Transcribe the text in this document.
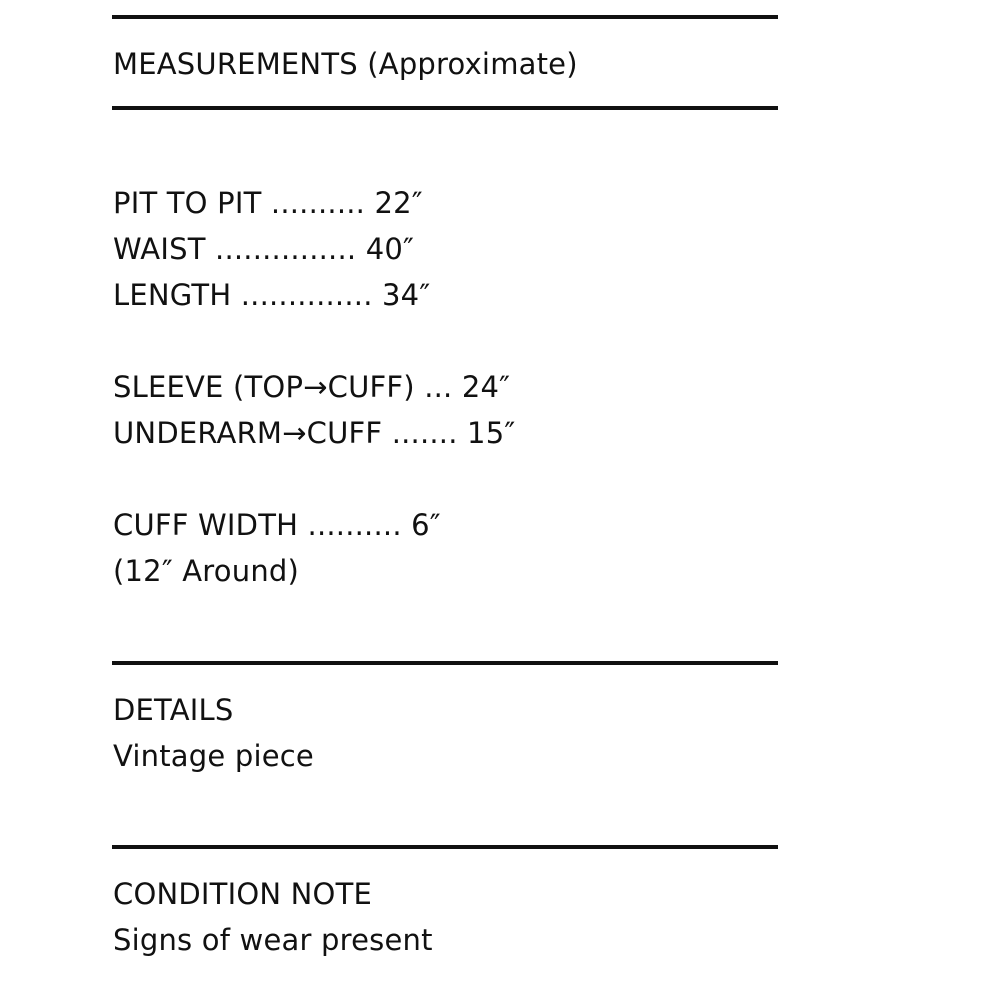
MEASUREMENTS (Approximate)
PIT TO PIT .......... 22″
WAIST ............... 40″
LENGTH .............. 34″
SLEEVE (TOP→CUFF) ... 24″
UNDERARM→CUFF ....... 15″
CUFF WIDTH .......... 6″
(12″ Around)
DETAILS
Vintage piece
CONDITION NOTE
Signs of wear present
